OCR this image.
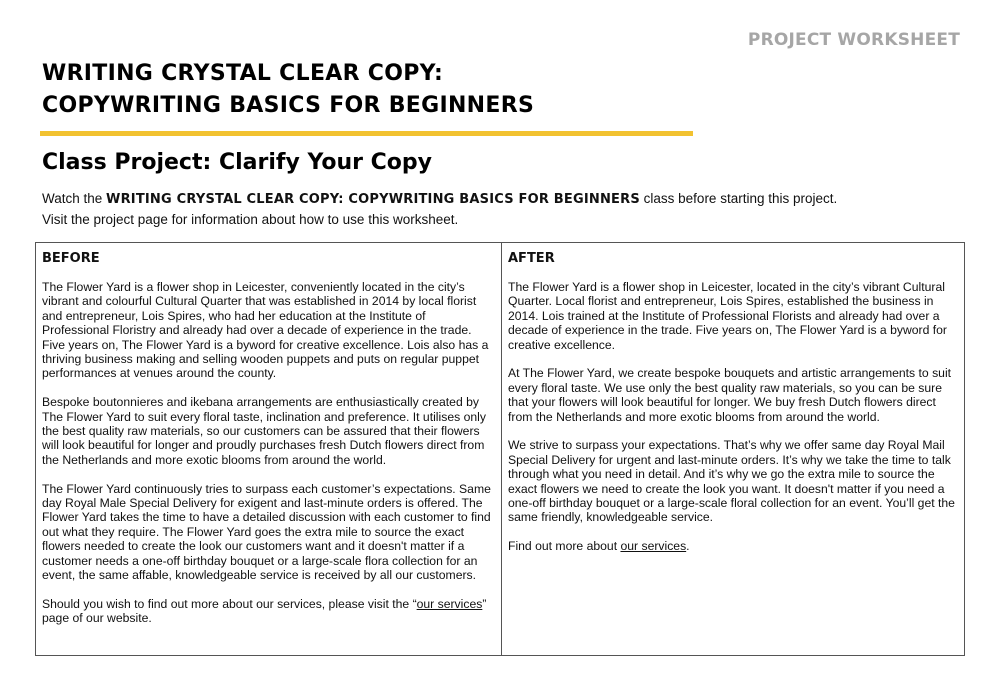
PROJECT WORKSHEET
WRITING CRYSTAL CLEAR COPY:
COPYWRITING BASICS FOR BEGINNERS
Class Project: Clarify Your Copy

Watch the WRITING CRYSTAL CLEAR COPY: COPYWRITING BASICS FOR BEGINNERS class before starting this project.

Visit the project page for information about how to use this worksheet.

BEFORE

The Flower Yard is a flower shop in Leicester, conveniently located in the city’s vibrant and colourful Cultural Quarter that was established in 2014 by local florist and entrepreneur, Lois Spires, who had her education at the Institute of Professional Floristry and already had over a decade of experience in the trade. Five years on, The Flower Yard is a byword for creative excellence. Lois also has a thriving business making and selling wooden puppets and puts on regular puppet performances at venues around the county.

Bespoke boutonnieres and ikebana arrangements are enthusiastically created by The Flower Yard to suit every floral taste, inclination and preference. It utilises only the best quality raw materials, so our customers can be assured that their flowers will look beautiful for longer and proudly purchases fresh Dutch flowers direct from the Netherlands and more exotic blooms from around the world.

The Flower Yard continuously tries to surpass each customer’s expectations. Same day Royal Male Special Delivery for exigent and last-minute orders is offered. The Flower Yard takes the time to have a detailed discussion with each customer to find out what they require. The Flower Yard goes the extra mile to source the exact flowers needed to create the look our customers want and it doesn't matter if a customer needs a one-off birthday bouquet or a large-scale flora collection for an event, the same affable, knowledgeable service is received by all our customers.

Should you wish to find out more about our services, please visit the “our services” page of our website.

AFTER

The Flower Yard is a flower shop in Leicester, located in the city’s vibrant Cultural Quarter. Local florist and entrepreneur, Lois Spires, established the business in 2014. Lois trained at the Institute of Professional Florists and already had over a decade of experience in the trade. Five years on, The Flower Yard is a byword for creative excellence.

At The Flower Yard, we create bespoke bouquets and artistic arrangements to suit every floral taste. We use only the best quality raw materials, so you can be sure that your flowers will look beautiful for longer. We buy fresh Dutch flowers direct from the Netherlands and more exotic blooms from around the world.

We strive to surpass your expectations. That’s why we offer same day Royal Mail Special Delivery for urgent and last-minute orders. It’s why we take the time to talk through what you need in detail. And it’s why we go the extra mile to source the exact flowers we need to create the look you want. It doesn't matter if you need a one-off birthday bouquet or a large-scale floral collection for an event. You’ll get the same friendly, knowledgeable service.

Find out more about our services.
